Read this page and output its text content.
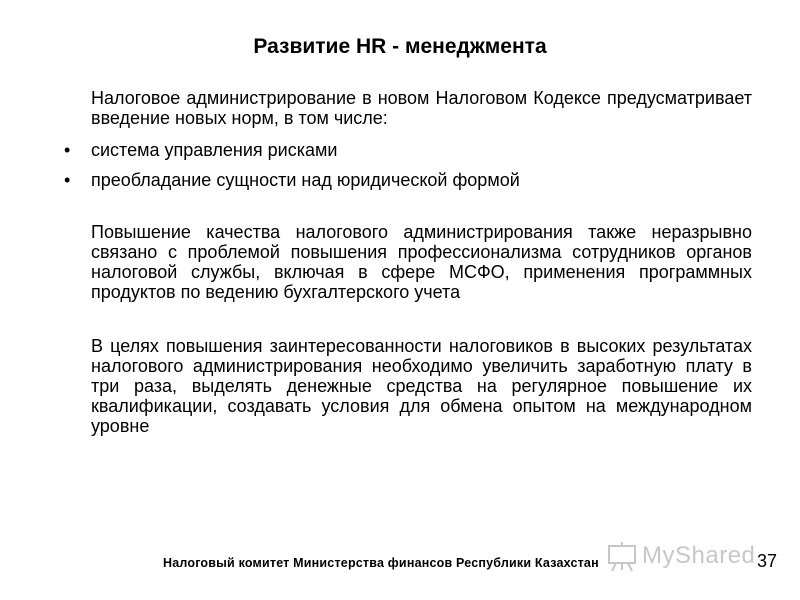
Развитие HR - менеджмента

Налоговое администрирование в новом Налоговом Кодексе предусматривает введение новых норм, в том числе:

• система управления рисками
• преобладание сущности над юридической формой

Повышение качества налогового администрирования также неразрывно связано с проблемой повышения профессионализма сотрудников органов налоговой службы, включая в сфере МСФО, применения программных продуктов по ведению бухгалтерского учета

В целях повышения заинтересованности налоговиков в высоких результатах налогового администрирования необходимо увеличить заработную плату в три раза, выделять денежные средства на регулярное повышение их квалификации, создавать условия для обмена опытом на международном уровне

Налоговый комитет Министерства финансов Республики Казахстан MyShared 37
